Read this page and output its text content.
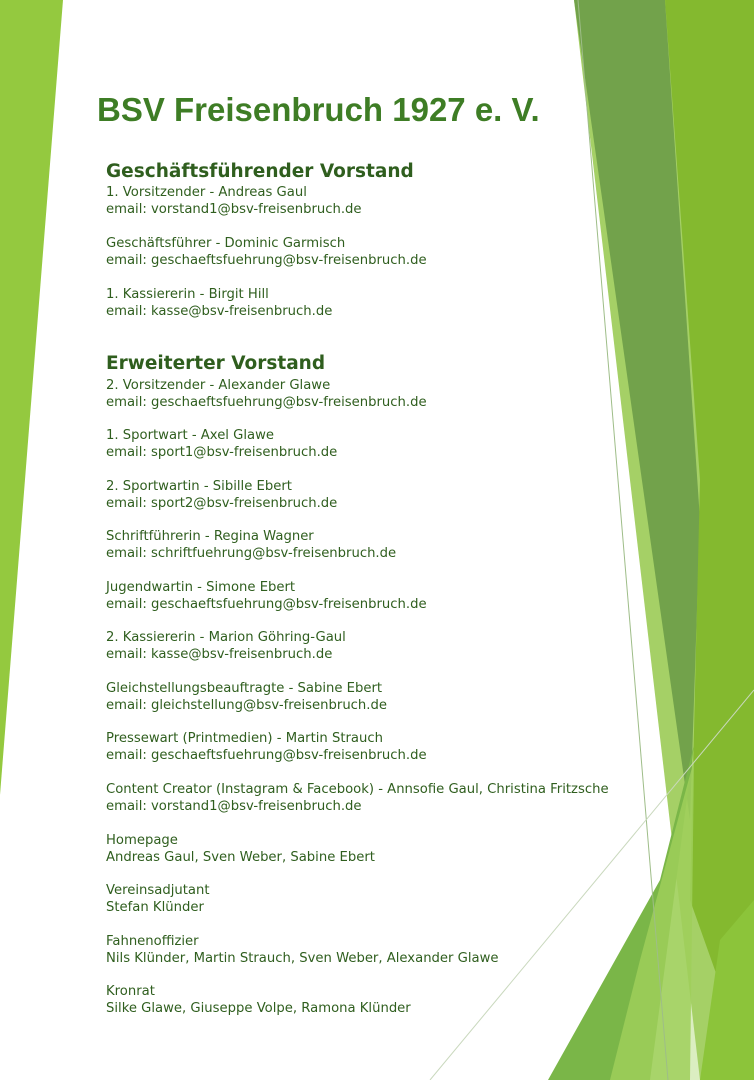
BSV Freisenbruch 1927 e. V.
Geschäftsführender Vorstand
1. Vorsitzender - Andreas Gaul
email: vorstand1@bsv-freisenbruch.de
Geschäftsführer - Dominic Garmisch
email: geschaeftsfuehrung@bsv-freisenbruch.de
1. Kassiererin - Birgit Hill
email: kasse@bsv-freisenbruch.de
Erweiterter Vorstand
2. Vorsitzender - Alexander Glawe
email: geschaeftsfuehrung@bsv-freisenbruch.de
1. Sportwart - Axel Glawe
email: sport1@bsv-freisenbruch.de
2. Sportwartin - Sibille Ebert
email: sport2@bsv-freisenbruch.de
Schriftführerin - Regina Wagner
email: schriftfuehrung@bsv-freisenbruch.de
Jugendwartin - Simone Ebert
email: geschaeftsfuehrung@bsv-freisenbruch.de
2. Kassiererin - Marion Göhring-Gaul
email: kasse@bsv-freisenbruch.de
Gleichstellungsbeauftragte - Sabine Ebert
email: gleichstellung@bsv-freisenbruch.de
Pressewart (Printmedien) - Martin Strauch
email: geschaeftsfuehrung@bsv-freisenbruch.de
Content Creator (Instagram & Facebook) - Annsofie Gaul, Christina Fritzsche
email: vorstand1@bsv-freisenbruch.de
Homepage
Andreas Gaul, Sven Weber, Sabine Ebert
Vereinsadjutant
Stefan Klünder
Fahnenoffizier
Nils Klünder, Martin Strauch, Sven Weber, Alexander Glawe
Kronrat
Silke Glawe, Giuseppe Volpe, Ramona Klünder
